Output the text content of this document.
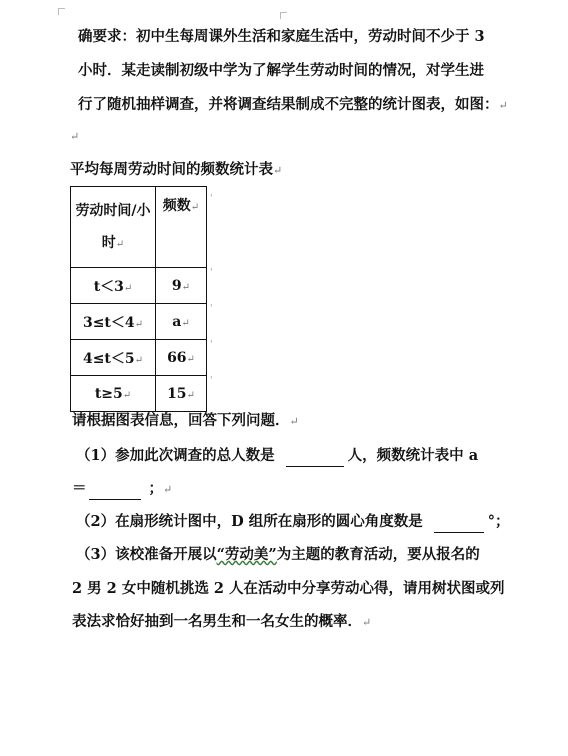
确要求：初中生每周课外生活和家庭生活中，劳动时间不少于 3
小时．某走读制初级中学为了解学生劳动时间的情况，对学生进
行了随机抽样调查，并将调查结果制成不完整的统计图表，如图：↵
↵
平均每周劳动时间的频数统计表↵
劳动时间/小
时↵	频数↵
t＜3↵	9↵
3≤t＜4↵	a↵
4≤t＜5↵	66↵
t≥5↵	15↵
'
'
'
'
'
请根据图表信息，回答下列问题．↵
（1）参加此次调查的总人数是	人，频数统计表中 a
＝	；↵
（2）在扇形统计图中，D 组所在扇形的圆心角度数是	°；
（3）该校准备开展以“劳动美”为主题的教育活动，要从报名的
2 男 2 女中随机挑选 2 人在活动中分享劳动心得，请用树状图或列
表法求恰好抽到一名男生和一名女生的概率．↵
